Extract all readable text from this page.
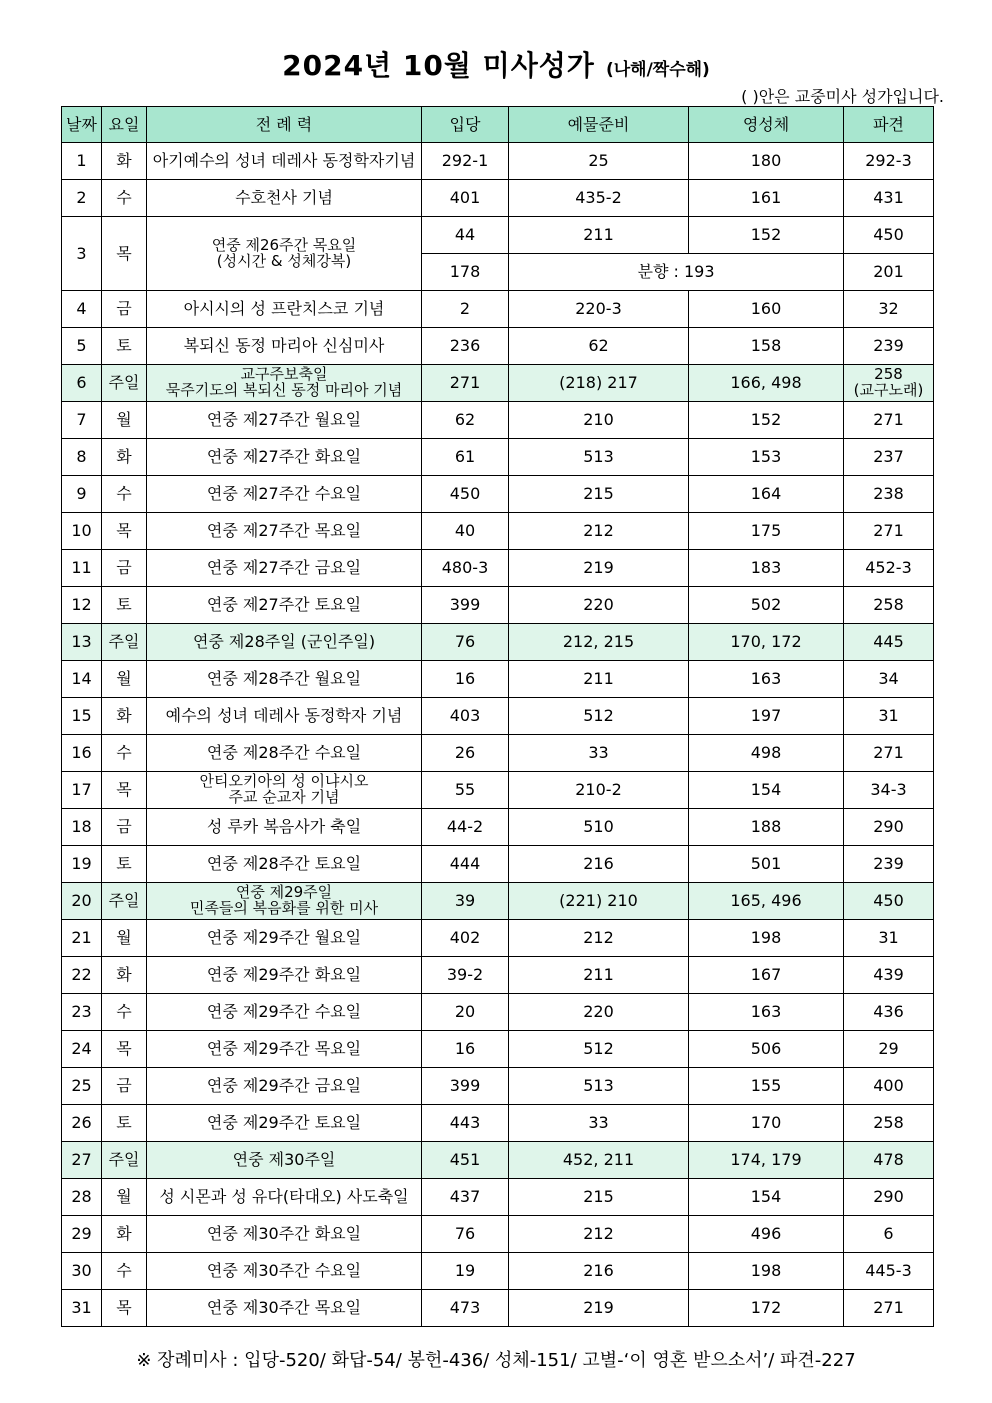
2024년 10월 미사성가 (나해/짝수해)
( )안은 교중미사 성가입니다.
날짜	요일	전 례 력	입당	예물준비	영성체	파견
1	화	아기예수의 성녀 데레사 동정학자기념	292-1	25	180	292-3
2	수	수호천사 기념	401	435-2	161	431
3	목	연중 제26주간 목요일
(성시간 & 성체강복)	44	211	152	450
			178	분향 : 193		201
4	금	아시시의 성 프란치스코 기념	2	220-3	160	32
5	토	복되신 동정 마리아 신심미사	236	62	158	239
6	주일	교구주보축일
묵주기도의 복되신 동정 마리아 기념	271	(218) 217	166, 498	258
(교구노래)
7	월	연중 제27주간 월요일	62	210	152	271
8	화	연중 제27주간 화요일	61	513	153	237
9	수	연중 제27주간 수요일	450	215	164	238
10	목	연중 제27주간 목요일	40	212	175	271
11	금	연중 제27주간 금요일	480-3	219	183	452-3
12	토	연중 제27주간 토요일	399	220	502	258
13	주일	연중 제28주일 (군인주일)	76	212, 215	170, 172	445
14	월	연중 제28주간 월요일	16	211	163	34
15	화	예수의 성녀 데레사 동정학자 기념	403	512	197	31
16	수	연중 제28주간 수요일	26	33	498	271
17	목	안티오키아의 성 이냐시오
주교 순교자 기념	55	210-2	154	34-3
18	금	성 루카 복음사가 축일	44-2	510	188	290
19	토	연중 제28주간 토요일	444	216	501	239
20	주일	연중 제29주일
민족들의 복음화를 위한 미사	39	(221) 210	165, 496	450
21	월	연중 제29주간 월요일	402	212	198	31
22	화	연중 제29주간 화요일	39-2	211	167	439
23	수	연중 제29주간 수요일	20	220	163	436
24	목	연중 제29주간 목요일	16	512	506	29
25	금	연중 제29주간 금요일	399	513	155	400
26	토	연중 제29주간 토요일	443	33	170	258
27	주일	연중 제30주일	451	452, 211	174, 179	478
28	월	성 시몬과 성 유다(타대오) 사도축일	437	215	154	290
29	화	연중 제30주간 화요일	76	212	496	6
30	수	연중 제30주간 수요일	19	216	198	445-3
31	목	연중 제30주간 목요일	473	219	172	271
※ 장례미사 : 입당-520/ 화답-54/ 봉헌-436/ 성체-151/ 고별-‘이 영혼 받으소서’/ 파견-227
